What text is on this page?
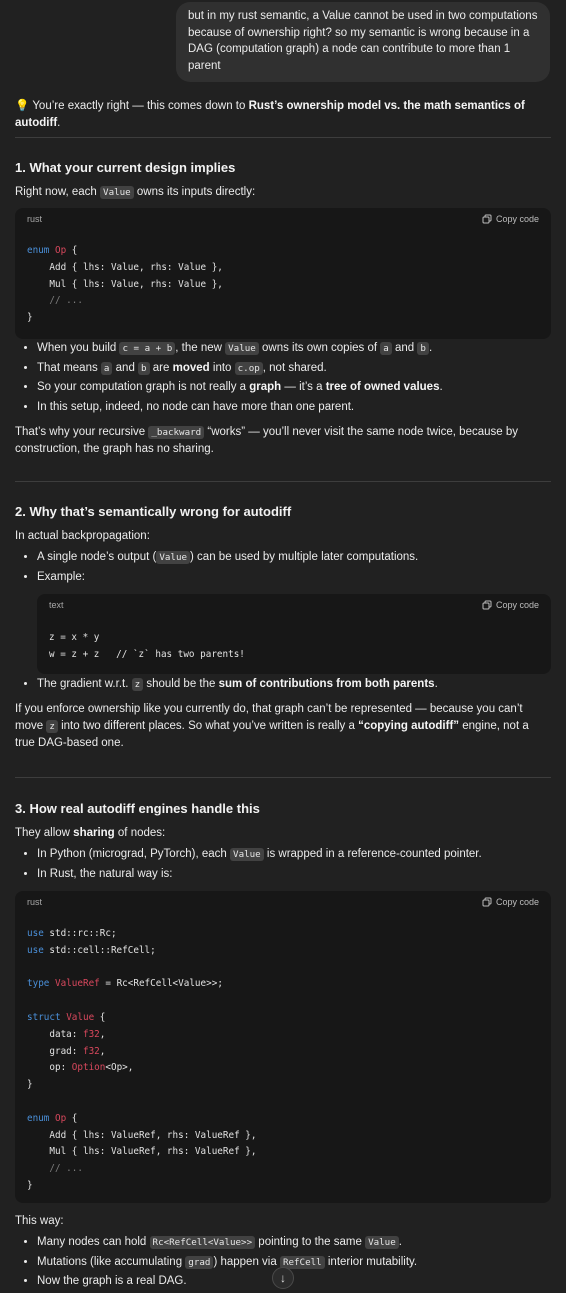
but in my rust semantic, a Value cannot be used in two computations because of ownership right? so my semantic is wrong because in a DAG (computation graph) a node can contribute to more than 1 parent
💡 You’re exactly right — this comes down to Rust’s ownership model vs. the math semantics of autodiff.
1. What your current design implies
Right now, each Value owns its inputs directly:
rust	Copy code
enum Op {
Add { lhs: Value, rhs: Value },
Mul { lhs: Value, rhs: Value },
// ...
}
• When you build c = a + b , the new Value owns its own copies of a and b .
• That means a and b are moved into c.op , not shared.
• So your computation graph is not really a graph — it’s a tree of owned values.
• In this setup, indeed, no node can have more than one parent.
That’s why your recursive _backward “works” — you’ll never visit the same node twice, because by construction, the graph has no sharing.
2. Why that’s semantically wrong for autodiff
In actual backpropagation:
• A single node’s output ( Value ) can be used by multiple later computations.
• Example:
text	Copy code
z = x * y
w = z + z   // `z` has two parents!
• The gradient w.r.t. z should be the sum of contributions from both parents.
If you enforce ownership like you currently do, that graph can’t be represented — because you can’t move z into two different places. So what you’ve written is really a “copying autodiff” engine, not a true DAG-based one.
3. How real autodiff engines handle this
They allow sharing of nodes:
• In Python (micrograd, PyTorch), each Value is wrapped in a reference-counted pointer.
• In Rust, the natural way is:
rust	Copy code
use std::rc::Rc;
use std::cell::RefCell;

type ValueRef = Rc<RefCell<Value>>;

struct Value {
data: f32,
grad: f32,
op: Option<Op>,
}

enum Op {
Add { lhs: ValueRef, rhs: ValueRef },
Mul { lhs: ValueRef, rhs: ValueRef },
// ...
}
This way:
• Many nodes can hold Rc<RefCell<Value>> pointing to the same Value .
• Mutations (like accumulating grad ) happen via RefCell interior mutability.
• Now the graph is a real DAG.	↓
